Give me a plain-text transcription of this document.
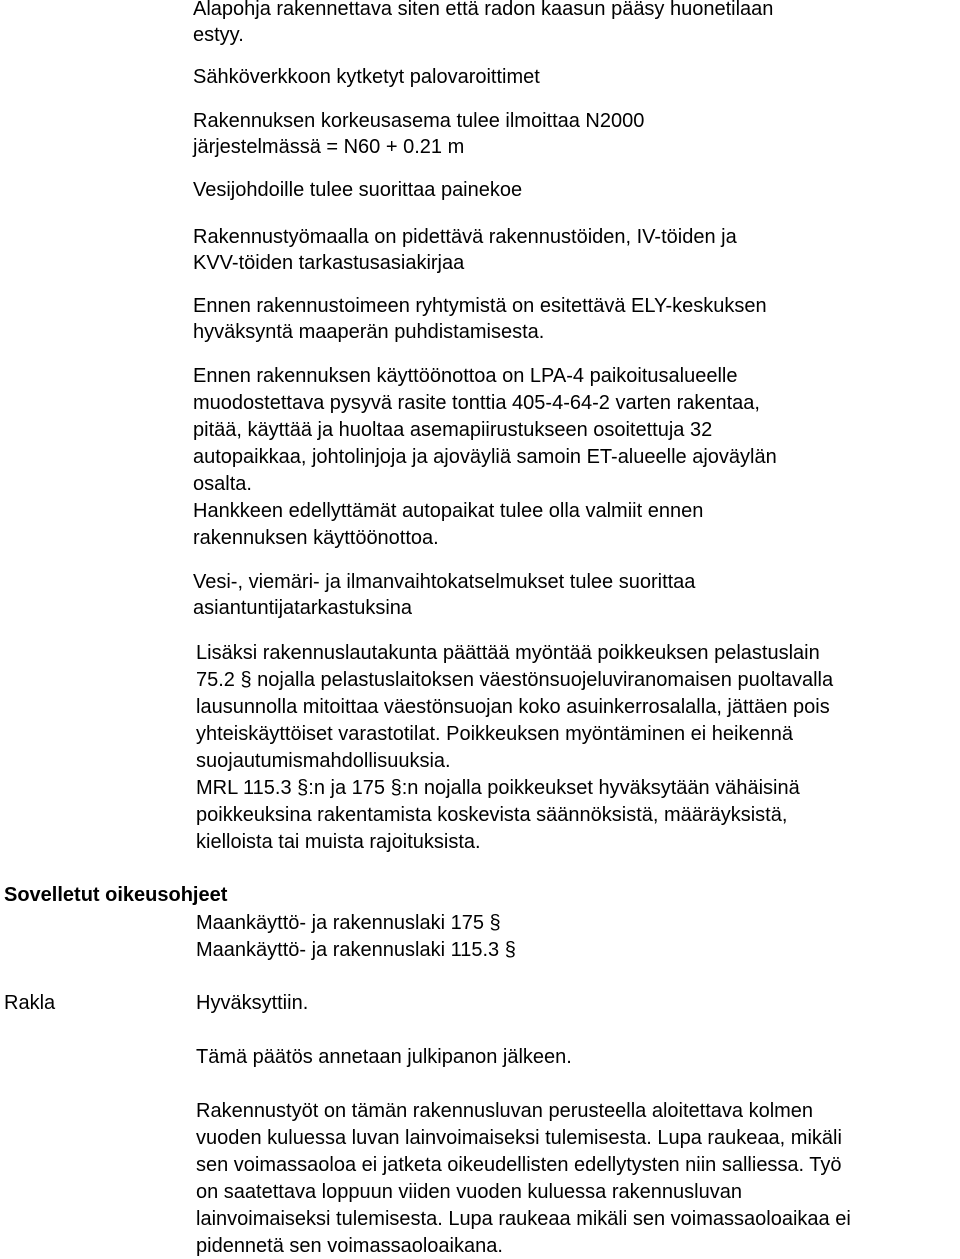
Alapohja rakennettava siten että radon kaasun pääsy huonetilaan
estyy.
Sähköverkkoon kytketyt palovaroittimet
Rakennuksen korkeusasema tulee ilmoittaa N2000
järjestelmässä = N60 + 0.21 m
Vesijohdoille tulee suorittaa painekoe
Rakennustyömaalla on pidettävä rakennustöiden, IV-töiden ja
KVV-töiden tarkastusasiakirjaa
Ennen rakennustoimeen ryhtymistä on esitettävä ELY-keskuksen
hyväksyntä maaperän puhdistamisesta.
Ennen rakennuksen käyttöönottoa on LPA-4 paikoitusalueelle
muodostettava pysyvä rasite tonttia 405-4-64-2 varten rakentaa,
pitää, käyttää ja huoltaa asemapiirustukseen osoitettuja 32
autopaikkaa, johtolinjoja ja ajoväyliä samoin ET-alueelle ajoväylän
osalta.
Hankkeen edellyttämät autopaikat tulee olla valmiit ennen
rakennuksen käyttöönottoa.
Vesi-, viemäri- ja ilmanvaihtokatselmukset tulee suorittaa
asiantuntijatarkastuksina
Lisäksi rakennuslautakunta päättää myöntää poikkeuksen pelastuslain
75.2 § nojalla pelastuslaitoksen väestönsuojeluviranomaisen puoltavalla
lausunnolla mitoittaa väestönsuojan koko asuinkerrosalalla, jättäen pois
yhteiskäyttöiset varastotilat. Poikkeuksen myöntäminen ei heikennä
suojautumismahdollisuuksia.
MRL 115.3 §:n ja 175 §:n nojalla poikkeukset hyväksytään vähäisinä
poikkeuksina rakentamista koskevista säännöksistä, määräyksistä,
kielloista tai muista rajoituksista.
Sovelletut oikeusohjeet
Maankäyttö- ja rakennuslaki 175 §
Maankäyttö- ja rakennuslaki 115.3 §
Rakla	Hyväksyttiin.
Tämä päätös annetaan julkipanon jälkeen.
Rakennustyöt on tämän rakennusluvan perusteella aloitettava kolmen
vuoden kuluessa luvan lainvoimaiseksi tulemisesta. Lupa raukeaa, mikäli
sen voimassaoloa ei jatketa oikeudellisten edellytysten niin salliessa. Työ
on saatettava loppuun viiden vuoden kuluessa rakennusluvan
lainvoimaiseksi tulemisesta. Lupa raukeaa mikäli sen voimassaoloaikaa ei
pidennetä sen voimassaoloaikana.
